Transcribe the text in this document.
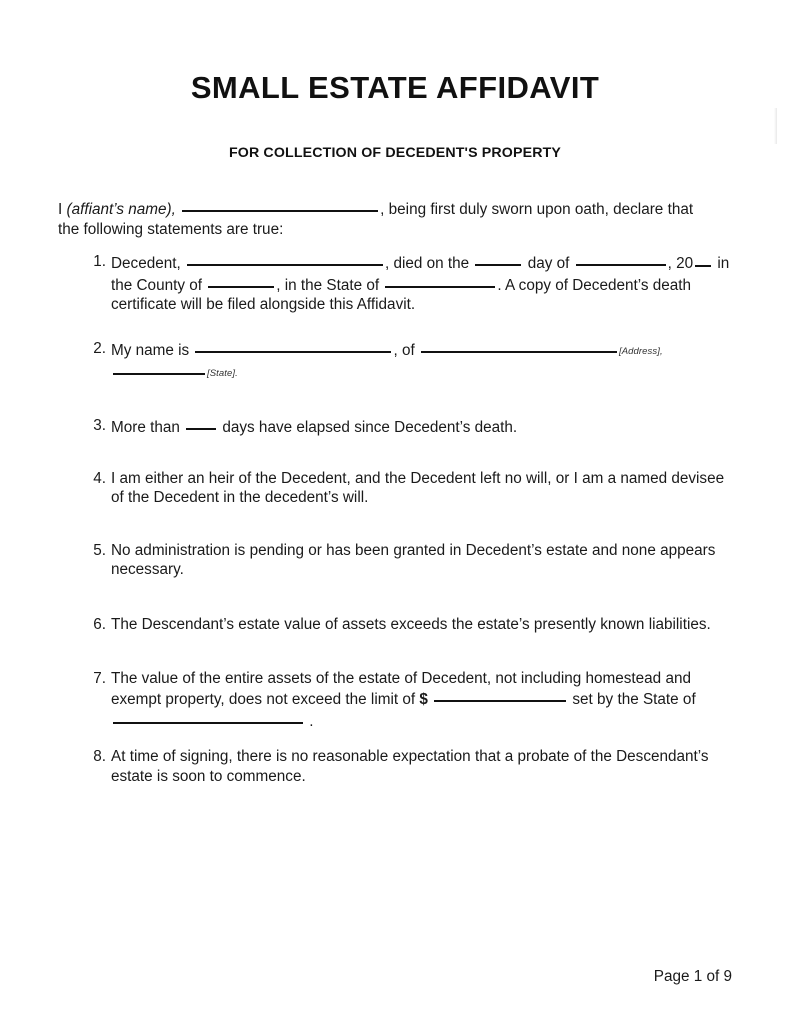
SMALL ESTATE AFFIDAVIT
FOR COLLECTION OF DECEDENT'S PROPERTY
I (affiant’s name),	, being first duly sworn upon oath, declare that the following statements are true:
1. Decedent,	, died on the	day of	, 20 in the County of	, in the State of	. A copy of Decedent’s death certificate will be filed alongside this Affidavit.
2. My name is	, of	[Address],
[State].
3. More than	days have elapsed since Decedent’s death.
4. I am either an heir of the Decedent, and the Decedent left no will, or I am a named devisee of the Decedent in the decedent’s will.
5. No administration is pending or has been granted in Decedent’s estate and none appears necessary.
6. The Descendant’s estate value of assets exceeds the estate’s presently known liabilities.
7. The value of the entire assets of the estate of Decedent, not including homestead and exempt property, does not exceed the limit of $	set by the State of
.
8. At time of signing, there is no reasonable expectation that a probate of the Descendant’s estate is soon to commence.
Page 1 of 9
